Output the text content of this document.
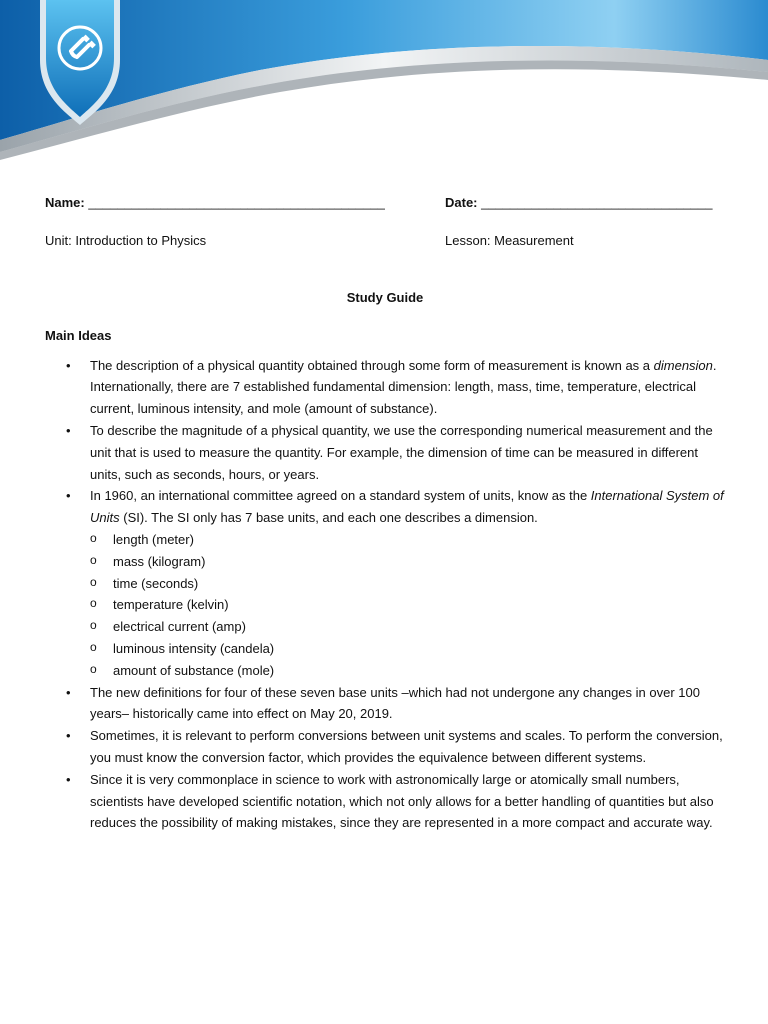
Name: _________________________________________	Date: ________________________________
Unit: Introduction to Physics	Lesson: Measurement
Study Guide
Main Ideas
• The description of a physical quantity obtained through some form of measurement is known as a dimension. Internationally, there are 7 established fundamental dimension: length, mass, time, temperature, electrical current, luminous intensity, and mole (amount of substance).
• To describe the magnitude of a physical quantity, we use the corresponding numerical measurement and the unit that is used to measure the quantity. For example, the dimension of time can be measured in different units, such as seconds, hours, or years.
• In 1960, an international committee agreed on a standard system of units, know as the International System of Units (SI). The SI only has 7 base units, and each one describes a dimension.
o length (meter)
o mass (kilogram)
o time (seconds)
o temperature (kelvin)
o electrical current (amp)
o luminous intensity (candela)
o amount of substance (mole)
• The new definitions for four of these seven base units –which had not undergone any changes in over 100 years– historically came into effect on May 20, 2019.
• Sometimes, it is relevant to perform conversions between unit systems and scales. To perform the conversion, you must know the conversion factor, which provides the equivalence between different systems.
• Since it is very commonplace in science to work with astronomically large or atomically small numbers, scientists have developed scientific notation, which not only allows for a better handling of quantities but also reduces the possibility of making mistakes, since they are represented in a more compact and accurate way.
